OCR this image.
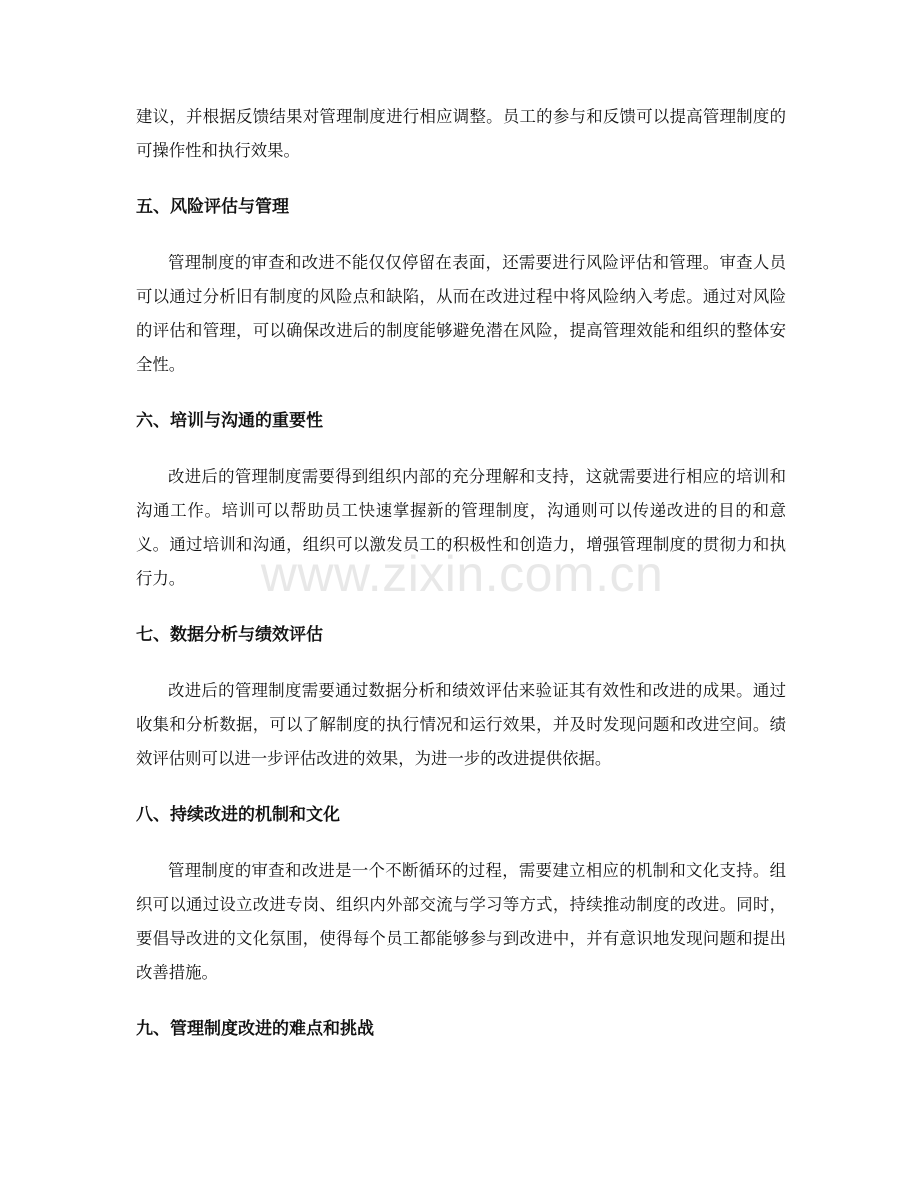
建议，并根据反馈结果对管理制度进行相应调整。员工的参与和反馈可以提高管理制度的可操作性和执行效果。

五、风险评估与管理

管理制度的审查和改进不能仅仅停留在表面，还需要进行风险评估和管理。审查人员可以通过分析旧有制度的风险点和缺陷，从而在改进过程中将风险纳入考虑。通过对风险的评估和管理，可以确保改进后的制度能够避免潜在风险，提高管理效能和组织的整体安全性。

六、培训与沟通的重要性

改进后的管理制度需要得到组织内部的充分理解和支持，这就需要进行相应的培训和沟通工作。培训可以帮助员工快速掌握新的管理制度，沟通则可以传递改进的目的和意义。通过培训和沟通，组织可以激发员工的积极性和创造力，增强管理制度的贯彻力和执行力。

七、数据分析与绩效评估

改进后的管理制度需要通过数据分析和绩效评估来验证其有效性和改进的成果。通过收集和分析数据，可以了解制度的执行情况和运行效果，并及时发现问题和改进空间。绩效评估则可以进一步评估改进的效果，为进一步的改进提供依据。

八、持续改进的机制和文化

管理制度的审查和改进是一个不断循环的过程，需要建立相应的机制和文化支持。组织可以通过设立改进专岗、组织内外部交流与学习等方式，持续推动制度的改进。同时，要倡导改进的文化氛围，使得每个员工都能够参与到改进中，并有意识地发现问题和提出改善措施。

九、管理制度改进的难点和挑战
www.zixin.com.cn
